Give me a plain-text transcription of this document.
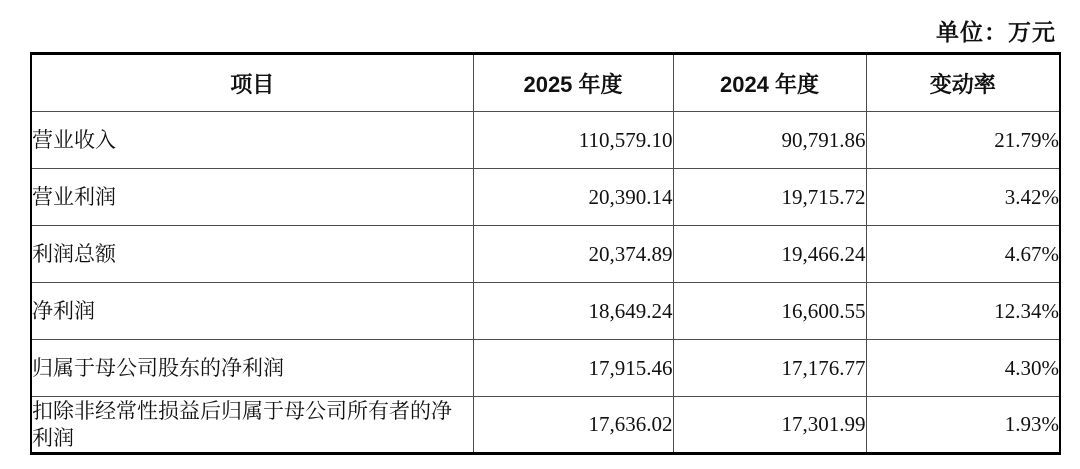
单位：万元
项目	2025 年度	2024 年度	变动率
营业收入	110,579.10	90,791.86	21.79%
营业利润	20,390.14	19,715.72	3.42%
利润总额	20,374.89	19,466.24	4.67%
净利润	18,649.24	16,600.55	12.34%
归属于母公司股东的净利润	17,915.46	17,176.77	4.30%
扣除非经常性损益后归属于母公司所有者的净利润	17,636.02	17,301.99	1.93%
